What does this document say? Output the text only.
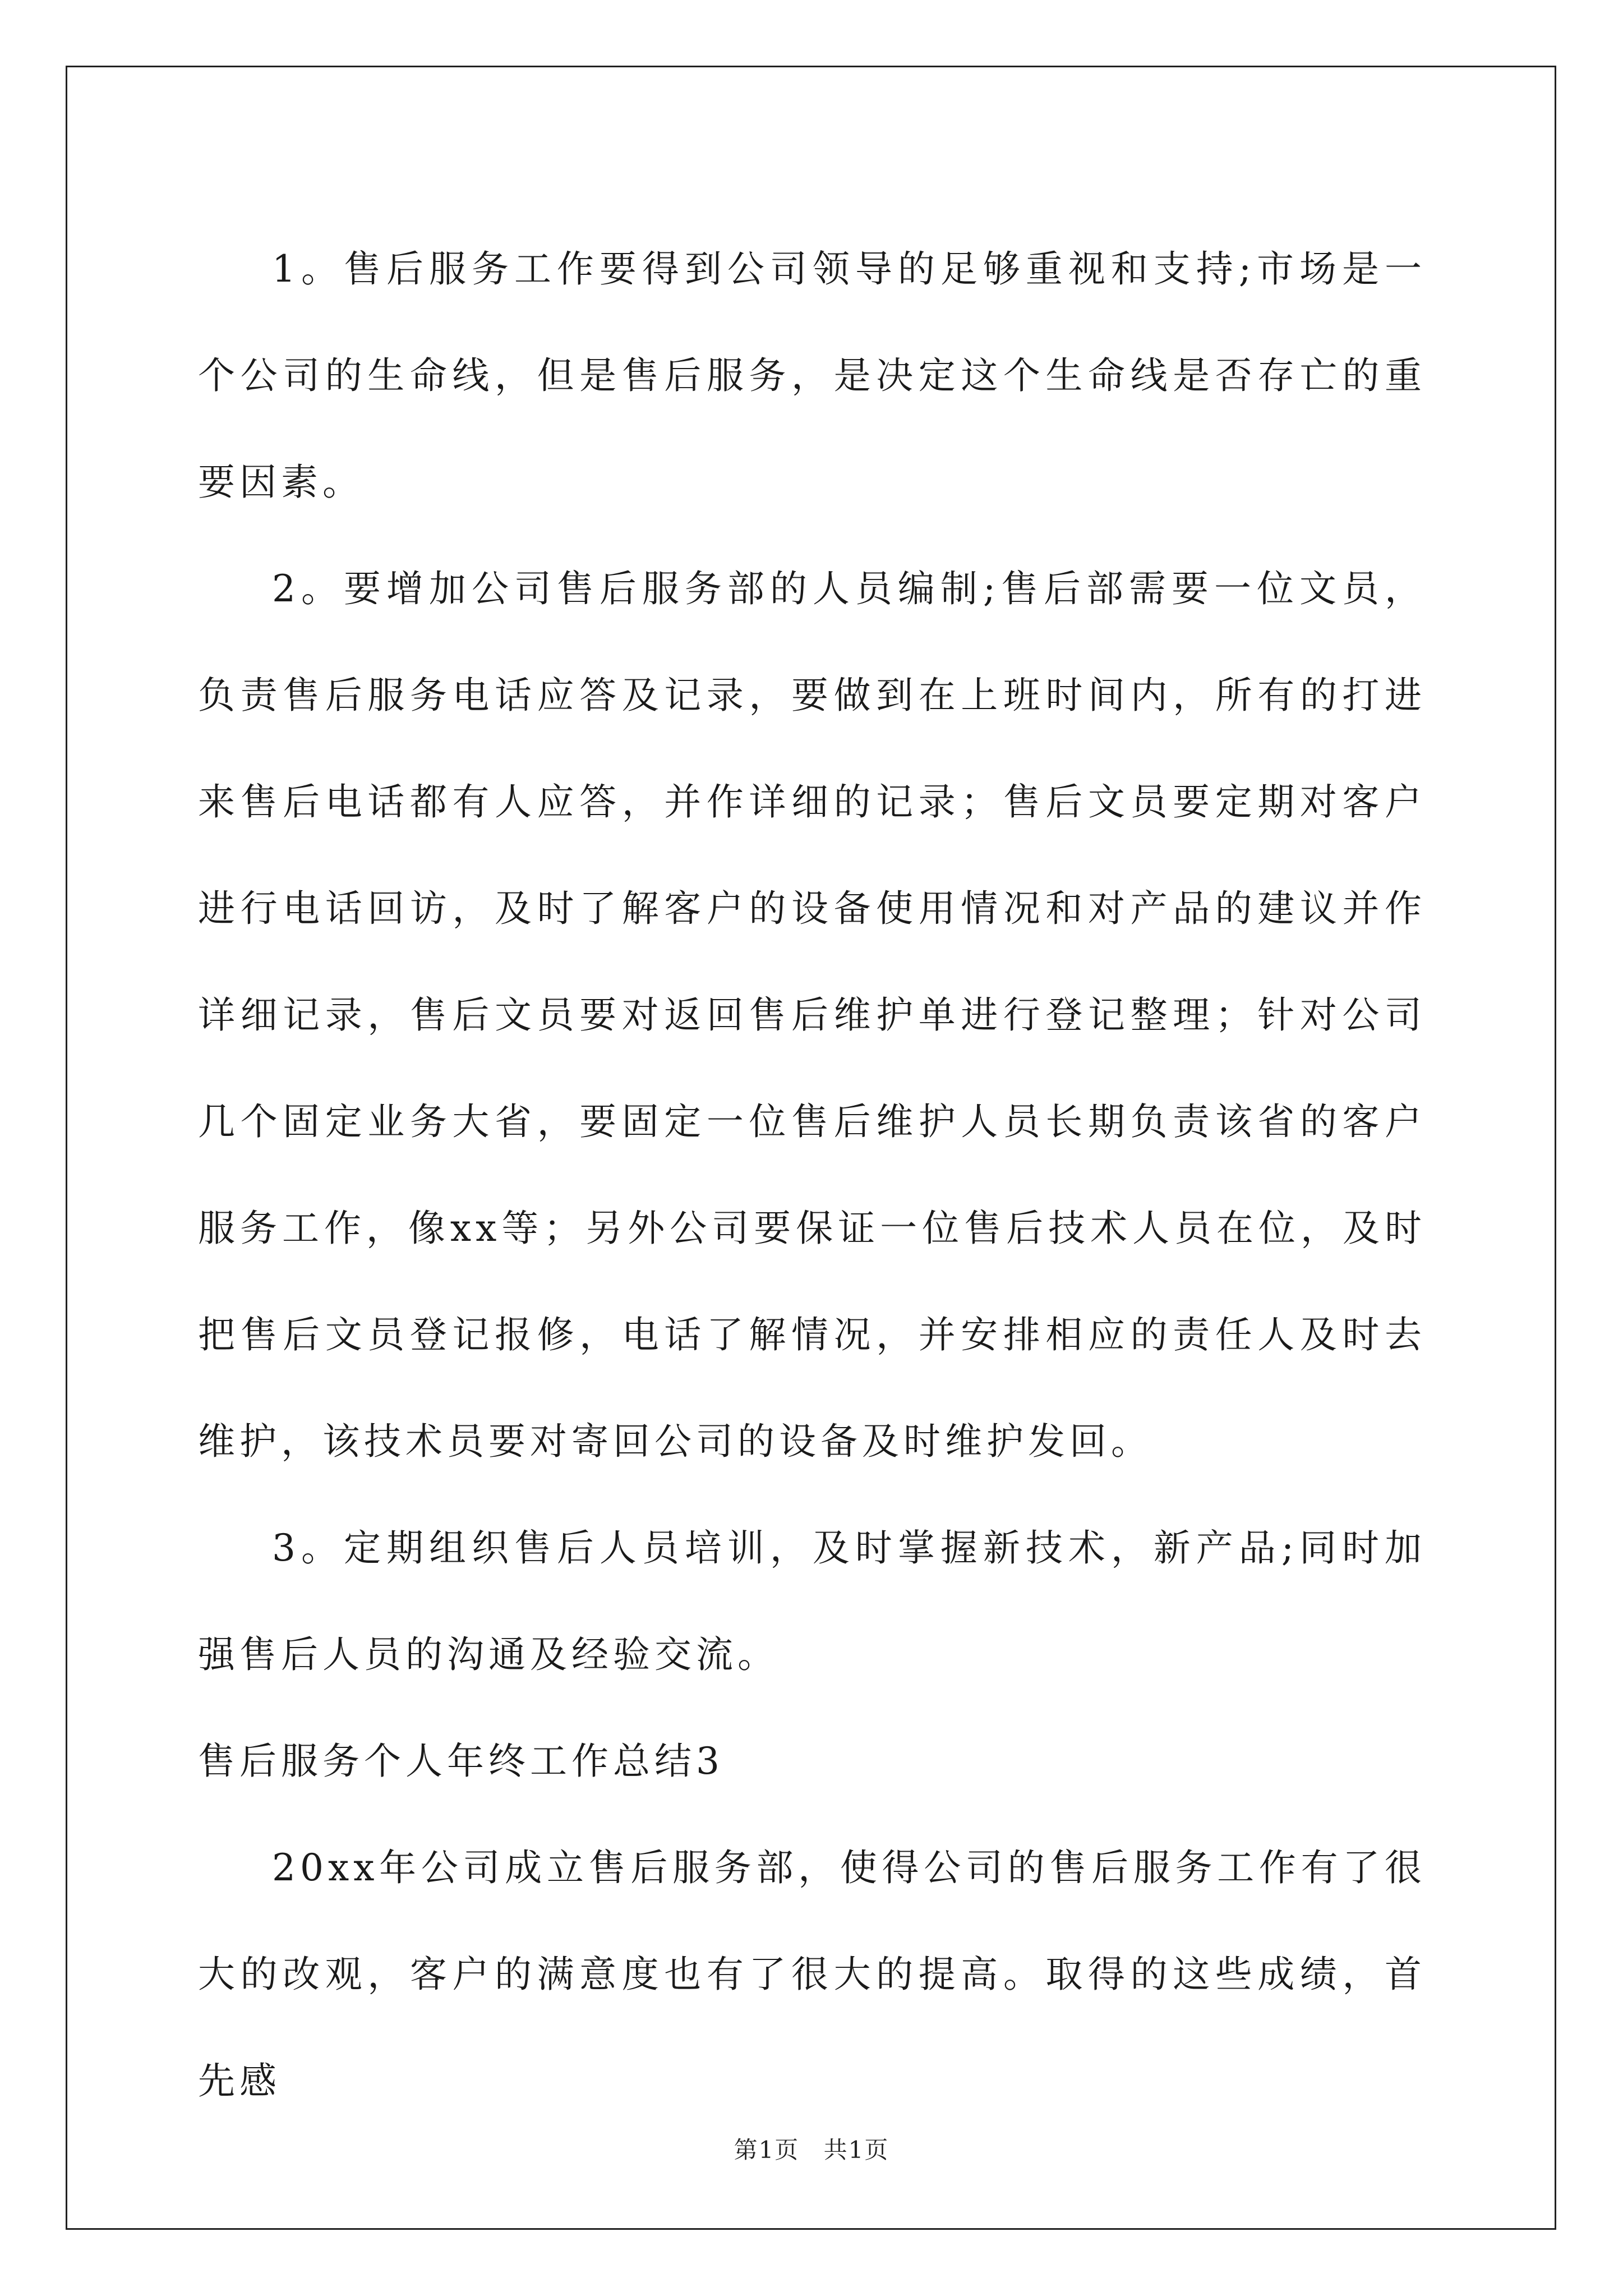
1。售后服务工作要得到公司领导的足够重视和支持;市场是一个公司的生命线，但是售后服务，是决定这个生命线是否存亡的重要因素。

2。要增加公司售后服务部的人员编制;售后部需要一位文员，负责售后服务电话应答及记录，要做到在上班时间内，所有的打进来售后电话都有人应答，并作详细的记录；售后文员要定期对客户进行电话回访，及时了解客户的设备使用情况和对产品的建议并作详细记录，售后文员要对返回售后维护单进行登记整理；针对公司几个固定业务大省，要固定一位售后维护人员长期负责该省的客户服务工作，像xx等；另外公司要保证一位售后技术人员在位，及时把售后文员登记报修，电话了解情况，并安排相应的责任人及时去维护，该技术员要对寄回公司的设备及时维护发回。

3。定期组织售后人员培训，及时掌握新技术，新产品;同时加强售后人员的沟通及经验交流。

售后服务个人年终工作总结3

20xx年公司成立售后服务部，使得公司的售后服务工作有了很大的改观，客户的满意度也有了很大的提高。取得的这些成绩，首先感

第1页 共1页
